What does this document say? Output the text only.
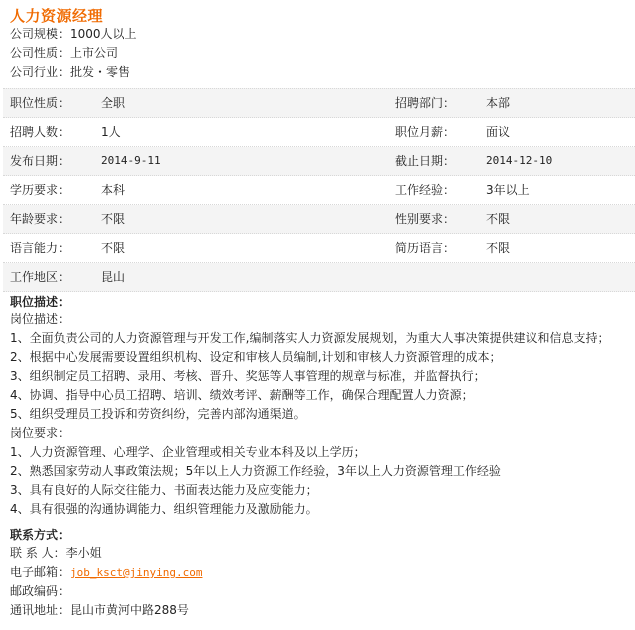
人力资源经理
公司规模：1000人以上
公司性质：上市公司
公司行业：批发・零售
职位性质：	全职	招聘部门：	本部
招聘人数：	1人	职位月薪：	面议
发布日期：	2014-9-11	截止日期：	2014-12-10
学历要求：	本科	工作经验：	3年以上
年龄要求：	不限	性别要求：	不限
语言能力：	不限	简历语言：	不限
工作地区：	昆山
职位描述：
岗位描述：
1、全面负责公司的人力资源管理与开发工作,编制落实人力资源发展规划，为重大人事决策提供建议和信息支持；
2、根据中心发展需要设置组织机构、设定和审核人员编制,计划和审核人力资源管理的成本；
3、组织制定员工招聘、录用、考核、晋升、奖惩等人事管理的规章与标准，并监督执行；
4、协调、指导中心员工招聘、培训、绩效考评、薪酬等工作，确保合理配置人力资源；
5、组织受理员工投诉和劳资纠纷，完善内部沟通渠道。
岗位要求：
1、人力资源管理、心理学、企业管理或相关专业本科及以上学历；
2、熟悉国家劳动人事政策法规；5年以上人力资源工作经验，3年以上人力资源管理工作经验
3、具有良好的人际交往能力、书面表达能力及应变能力；
4、具有很强的沟通协调能力、组织管理能力及激励能力。
联系方式：
联 系 人：李小姐
电子邮箱：job_ksct@jinying.com
邮政编码：
通讯地址：昆山市黄河中路288号
